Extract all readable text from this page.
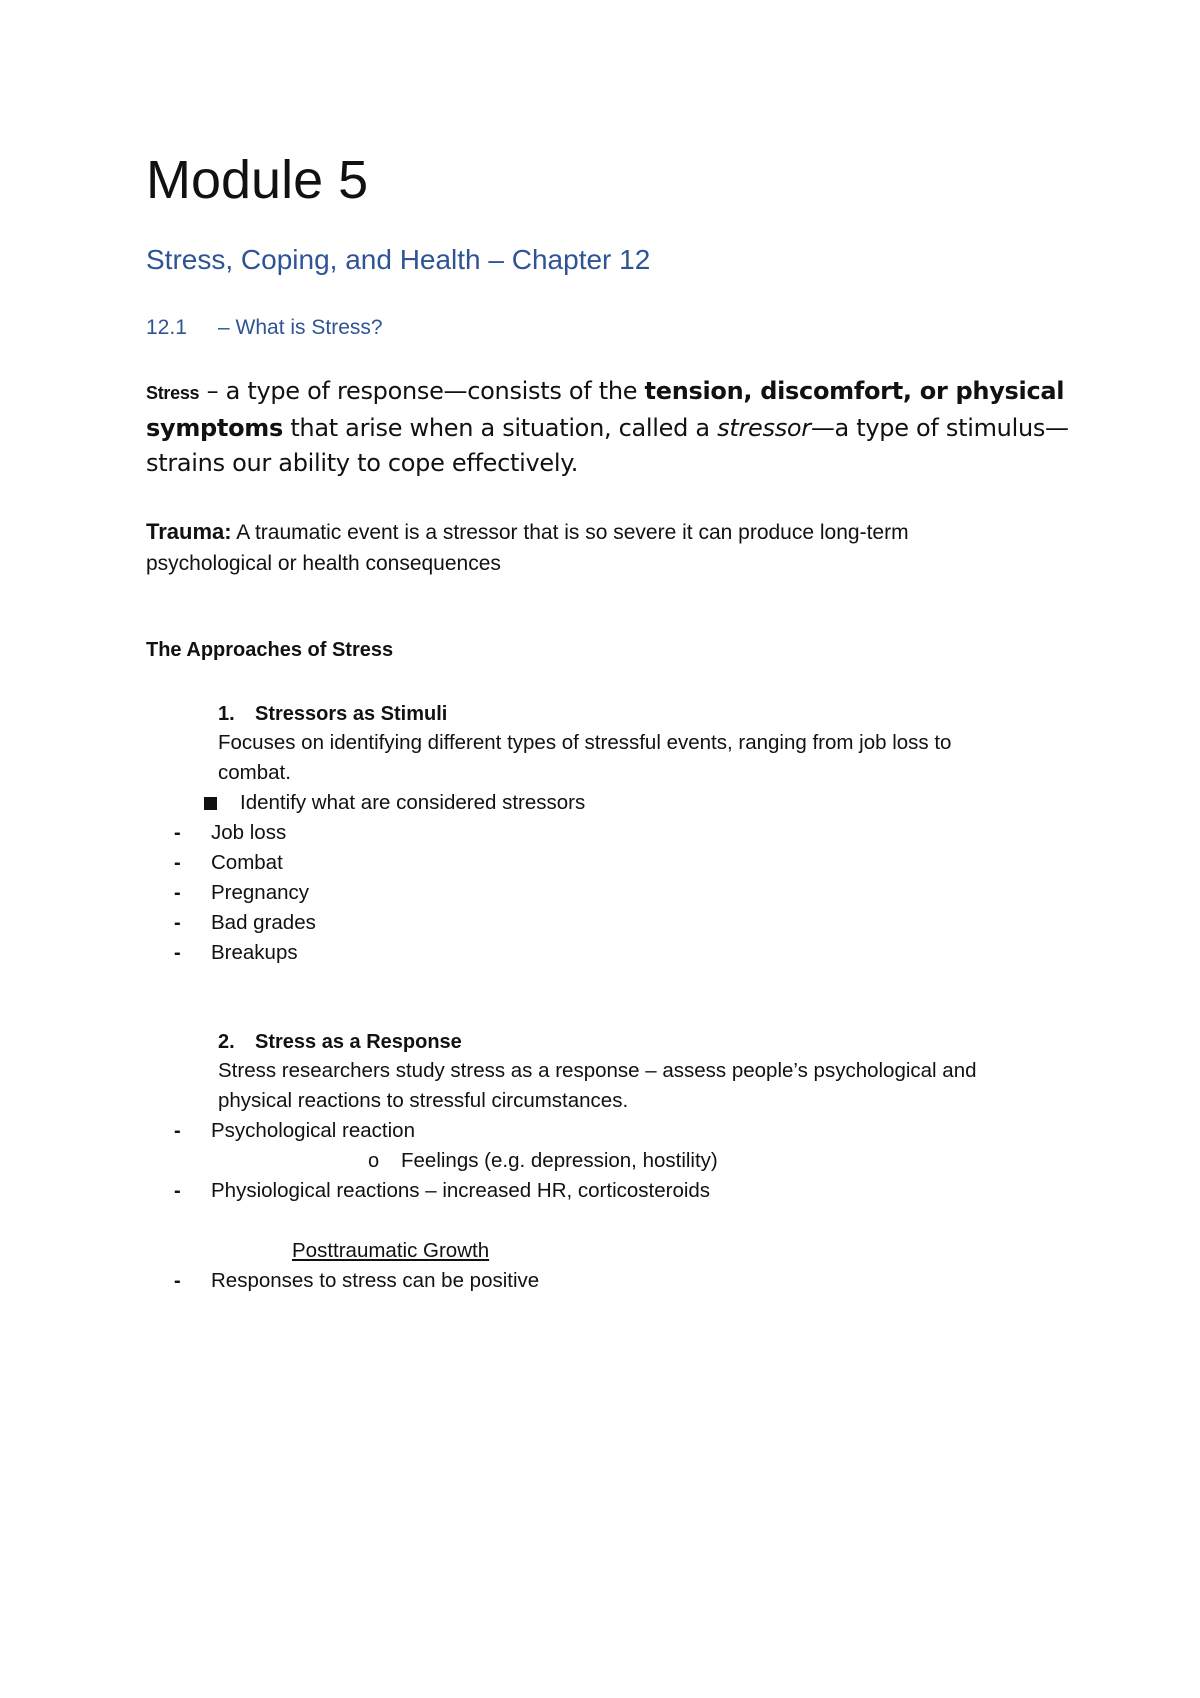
Module 5
Stress, Coping, and Health – Chapter 12
12.1 – What is Stress?
Stress – a type of response—consists of the tension, discomfort, or physical symptoms that arise when a situation, called a stressor—a type of stimulus—strains our ability to cope effectively.
Trauma: A traumatic event is a stressor that is so severe it can produce long-term psychological or health consequences
The Approaches of Stress
1. Stressors as Stimuli
Focuses on identifying different types of stressful events, ranging from job loss to
combat.
Identify what are considered stressors
- Job loss
- Combat
- Pregnancy
- Bad grades
- Breakups
2. Stress as a Response
Stress researchers study stress as a response – assess people’s psychological and
physical reactions to stressful circumstances.
- Psychological reaction
o Feelings (e.g. depression, hostility)
- Physiological reactions – increased HR, corticosteroids
Posttraumatic Growth
- Responses to stress can be positive
